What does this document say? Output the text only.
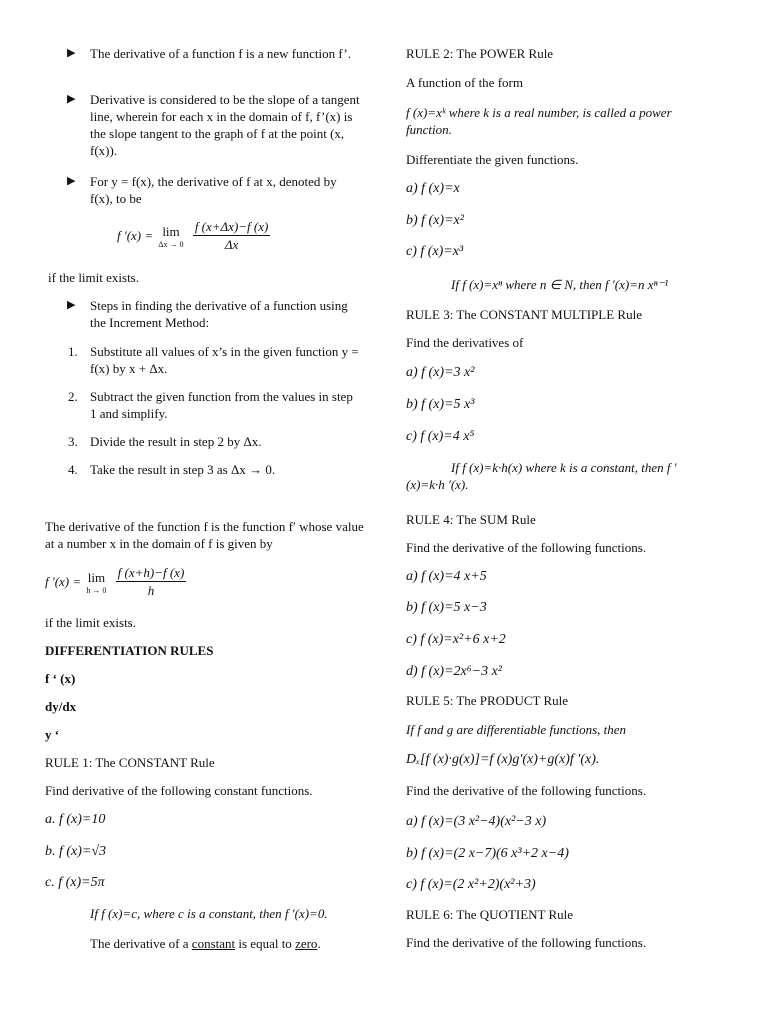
▶ The derivative of a function f is a new function f’.
▶ Derivative is considered to be the slope of a tangent line, wherein for each x in the domain of f, f’(x) is the slope tangent to the graph of f at the point (x, f(x)).
▶ For y = f(x), the derivative of f at x, denoted by f(x), to be
f ′(x) = lim
Δx → 0
$\frac{f (x+\Delta x)-f (x)}{\Delta x}$
if the limit exists.
▶ Steps in finding the derivative of a function using the Increment Method:
1. Substitute all values of x’s in the given function y = f(x) by x + Δx.
2. Subtract the given function from the values in step 1 and simplify.
3. Divide the result in step 2 by Δx.
4. Take the result in step 3 as Δx → 0.
The derivative of the function f is the function f′ whose value at a number x in the domain of f is given by
f ′(x) = lim
h → 0
$\frac{f (x+h)-f (x)}{h}$
if the limit exists.
DIFFERENTIATION RULES
f ‘ (x)
dy/dx
y ‘
RULE 1: The CONSTANT Rule
Find derivative of the following constant functions.
a. f (x)=10
b. f (x)=√3
c. f (x)=5π
If f (x)=c, where c is a constant, then f ′(x)=0.
The derivative of a constant is equal to zero.
RULE 2: The POWER Rule
A function of the form
f (x)=xᵏ where k is a real number, is called a power function.
Differentiate the given functions.
a) f (x)=x
b) f (x)=x²
c) f (x)=x³
If f (x)=xⁿ where n ∈ N, then f ′(x)=n xⁿ⁻¹
RULE 3: The CONSTANT MULTIPLE Rule
Find the derivatives of
a) f (x)=3 x²
b) f (x)=5 x³
c) f (x)=4 x⁵
If f (x)=k·h(x) where k is a constant, then f ′(x)=k·h ′(x).
RULE 4: The SUM Rule
Find the derivative of the following functions.
a) f (x)=4 x+5
b) f (x)=5 x−3
c) f (x)=x²+6 x+2
d) f (x)=2x⁶−3 x²
RULE 5: The PRODUCT Rule
If f and g are differentiable functions, then
Dₓ[f (x)·g(x)]=f (x)g′(x)+g(x)f ′(x).
Find the derivative of the following functions.
a) f (x)=(3 x²−4)(x²−3 x)
b) f (x)=(2 x−7)(6 x³+2 x−4)
c) f (x)=(2 x²+2)(x²+3)
RULE 6: The QUOTIENT Rule
Find the derivative of the following functions.
